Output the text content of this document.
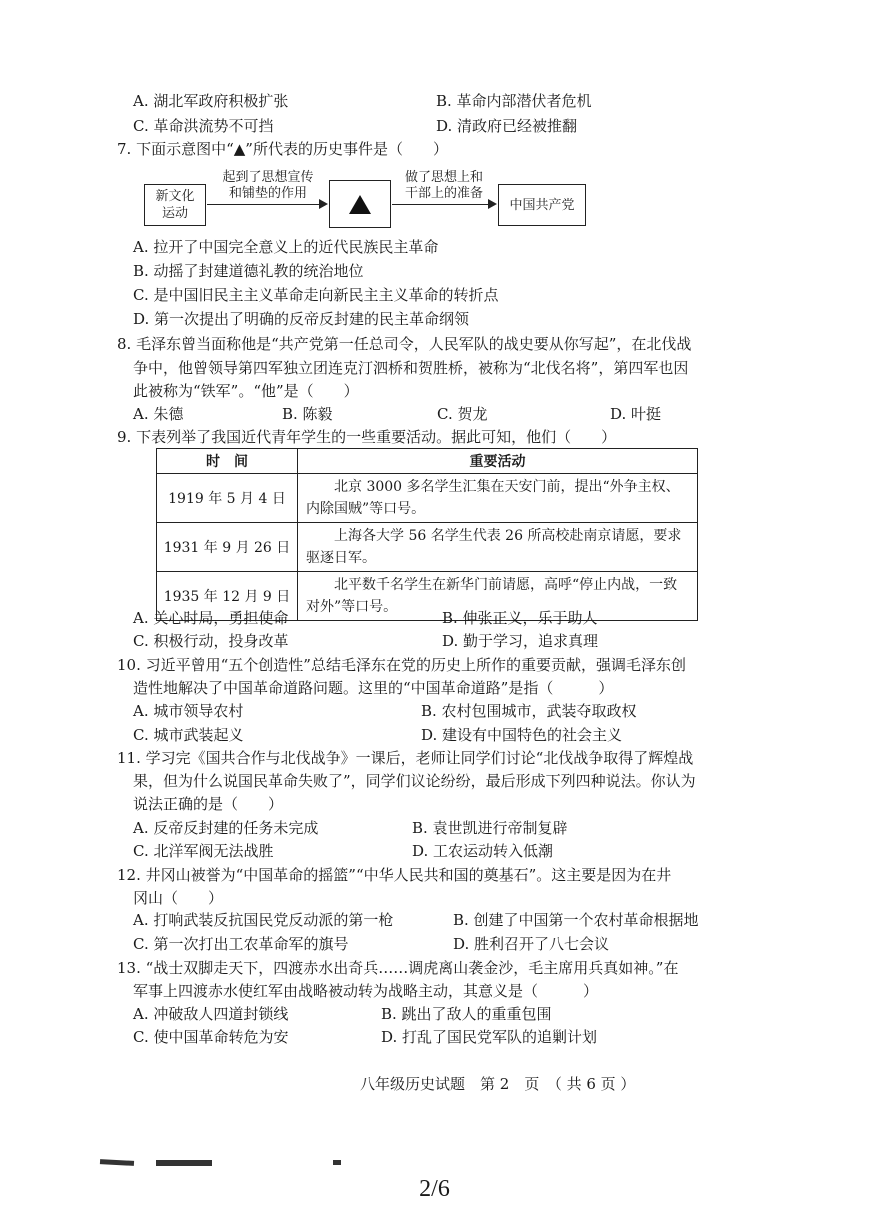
A. 湖北军政府积极扩张	B. 革命内部潜伏者危机
C. 革命洪流势不可挡	D. 清政府已经被推翻
7. 下面示意图中“▲”所代表的历史事件是（　　）
新文化
运动
起到了思想宣传
和铺垫的作用
做了思想上和
干部上的准备
中国共产党
A. 拉开了中国完全意义上的近代民族民主革命
B. 动摇了封建道德礼教的统治地位
C. 是中国旧民主主义革命走向新民主主义革命的转折点
D. 第一次提出了明确的反帝反封建的民主革命纲领
8. 毛泽东曾当面称他是“共产党第一任总司令，人民军队的战史要从你写起”，在北伐战
争中，他曾领导第四军独立团连克汀泗桥和贺胜桥，被称为“北伐名将”，第四军也因
此被称为“铁军”。“他”是（　　）
A. 朱德	B. 陈毅	C. 贺龙	D. 叶挺
9. 下表列举了我国近代青年学生的一些重要活动。据此可知，他们（　　）
时　间	重要活动
1919 年 5 月 4 日	北京 3000 多名学生汇集在天安门前，提出“外争主权、内除国贼”等口号。
1931 年 9 月 26 日	上海各大学 56 名学生代表 26 所高校赴南京请愿，要求驱逐日军。
1935 年 12 月 9 日	北平数千名学生在新华门前请愿，高呼“停止内战，一致对外”等口号。
A. 关心时局，勇担使命	B. 伸张正义，乐于助人
C. 积极行动，投身改革	D. 勤于学习，追求真理
10. 习近平曾用“五个创造性”总结毛泽东在党的历史上所作的重要贡献，强调毛泽东创
造性地解决了中国革命道路问题。这里的“中国革命道路”是指（　　　）
A. 城市领导农村	B. 农村包围城市，武装夺取政权
C. 城市武装起义	D. 建设有中国特色的社会主义
11. 学习完《国共合作与北伐战争》一课后，老师让同学们讨论“北伐战争取得了辉煌战
果，但为什么说国民革命失败了”，同学们议论纷纷，最后形成下列四种说法。你认为
说法正确的是（　　）
A. 反帝反封建的任务未完成	B. 袁世凯进行帝制复辟
C. 北洋军阀无法战胜	D. 工农运动转入低潮
12. 井冈山被誉为“中国革命的摇篮”“中华人民共和国的奠基石”。这主要是因为在井
冈山（　　）
A. 打响武装反抗国民党反动派的第一枪	B. 创建了中国第一个农村革命根据地
C. 第一次打出工农革命军的旗号	D. 胜利召开了八七会议
13. “战士双脚走天下，四渡赤水出奇兵……调虎离山袭金沙，毛主席用兵真如神。”在
军事上四渡赤水使红军由战略被动转为战略主动，其意义是（　　　）
A. 冲破敌人四道封锁线	B. 跳出了敌人的重重包围
C. 使中国革命转危为安	D. 打乱了国民党军队的追剿计划
八年级历史试题　第 2　页　（ 共 6 页 ）
2/6
